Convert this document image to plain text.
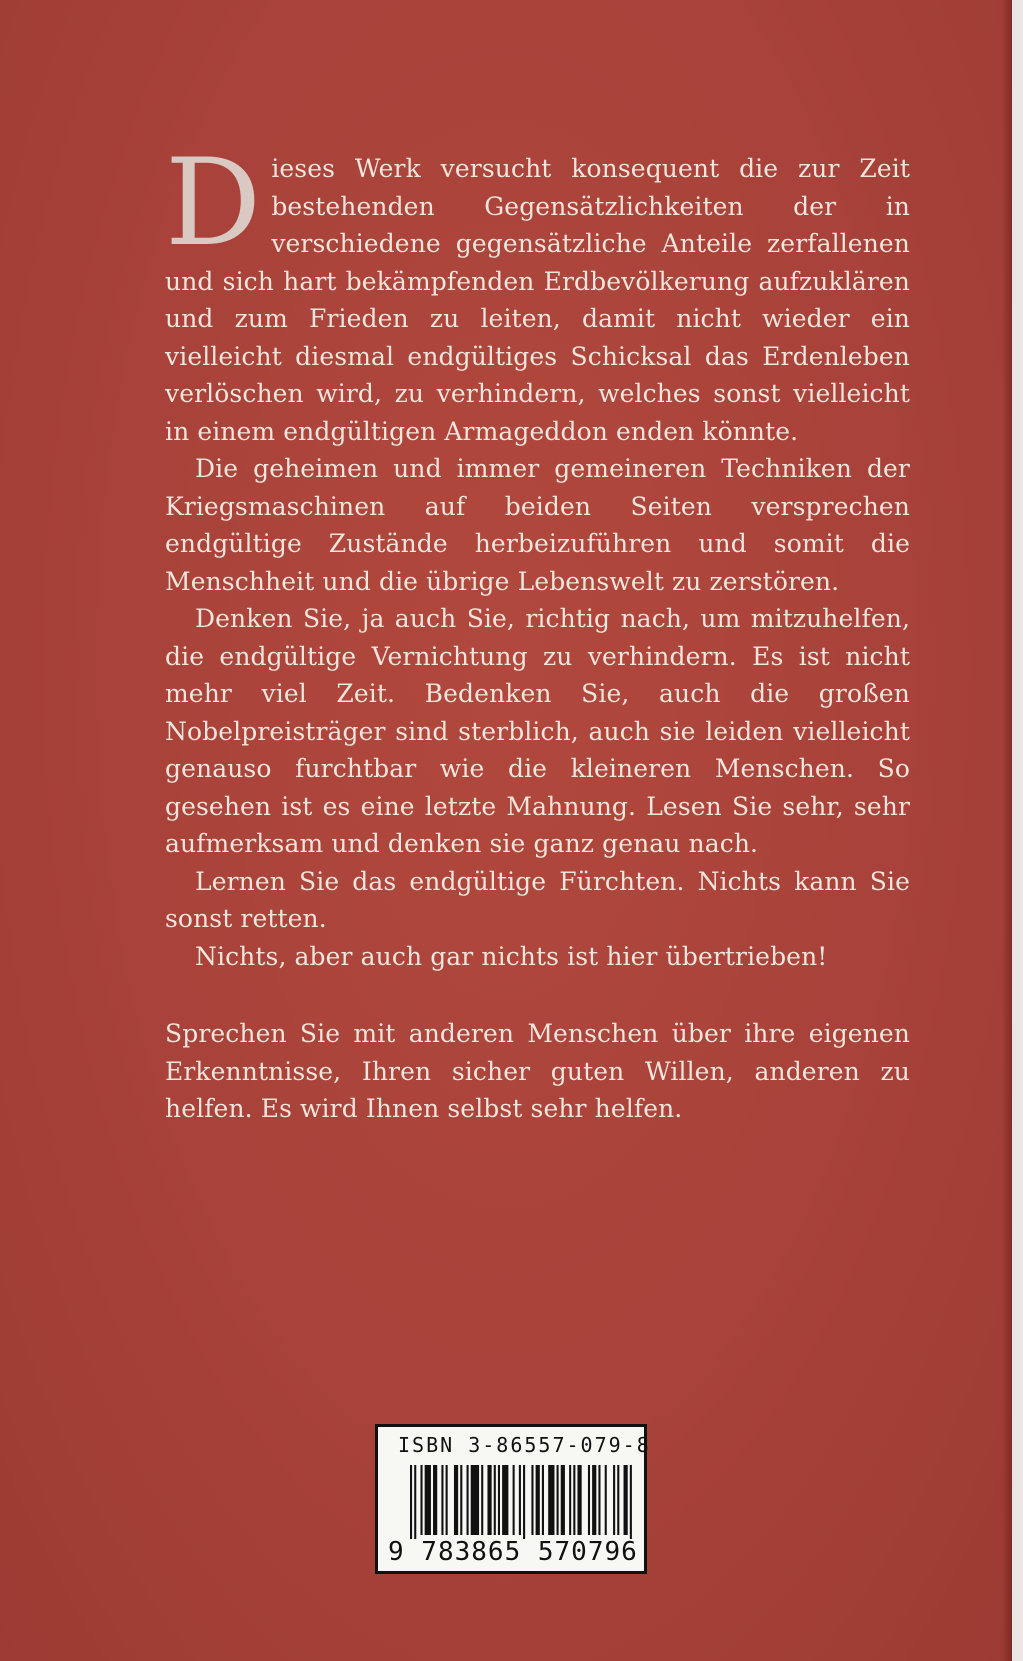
Dieses Werk versucht konsequent die zur Zeit bestehenden Gegensätzlichkeiten der in verschiedene gegensätzliche Anteile zerfallenen und sich hart bekämpfenden Erdbevölkerung aufzuklären und zum Frieden zu leiten, damit nicht wieder ein vielleicht diesmal endgültiges Schicksal das Erdenleben verlöschen wird, zu verhindern, welches sonst vielleicht in einem endgültigen Armageddon enden könnte.

Die geheimen und immer gemeineren Techniken der Kriegsmaschinen auf beiden Seiten versprechen endgültige Zustände herbeizuführen und somit die Menschheit und die übrige Lebenswelt zu zerstören.

Denken Sie, ja auch Sie, richtig nach, um mitzuhelfen, die endgültige Vernichtung zu verhindern. Es ist nicht mehr viel Zeit. Bedenken Sie, auch die großen Nobelpreisträger sind sterblich, auch sie leiden vielleicht genauso furchtbar wie die kleineren Menschen. So gesehen ist es eine letzte Mahnung. Lesen Sie sehr, sehr aufmerksam und denken sie ganz genau nach.

Lernen Sie das endgültige Fürchten. Nichts kann Sie sonst retten.

Nichts, aber auch gar nichts ist hier übertrieben!

Sprechen Sie mit anderen Menschen über ihre eigenen Erkenntnisse, Ihren sicher guten Willen, anderen zu helfen. Es wird Ihnen selbst sehr helfen.

ISBN 3-86557-079-8
9 783865 570796
